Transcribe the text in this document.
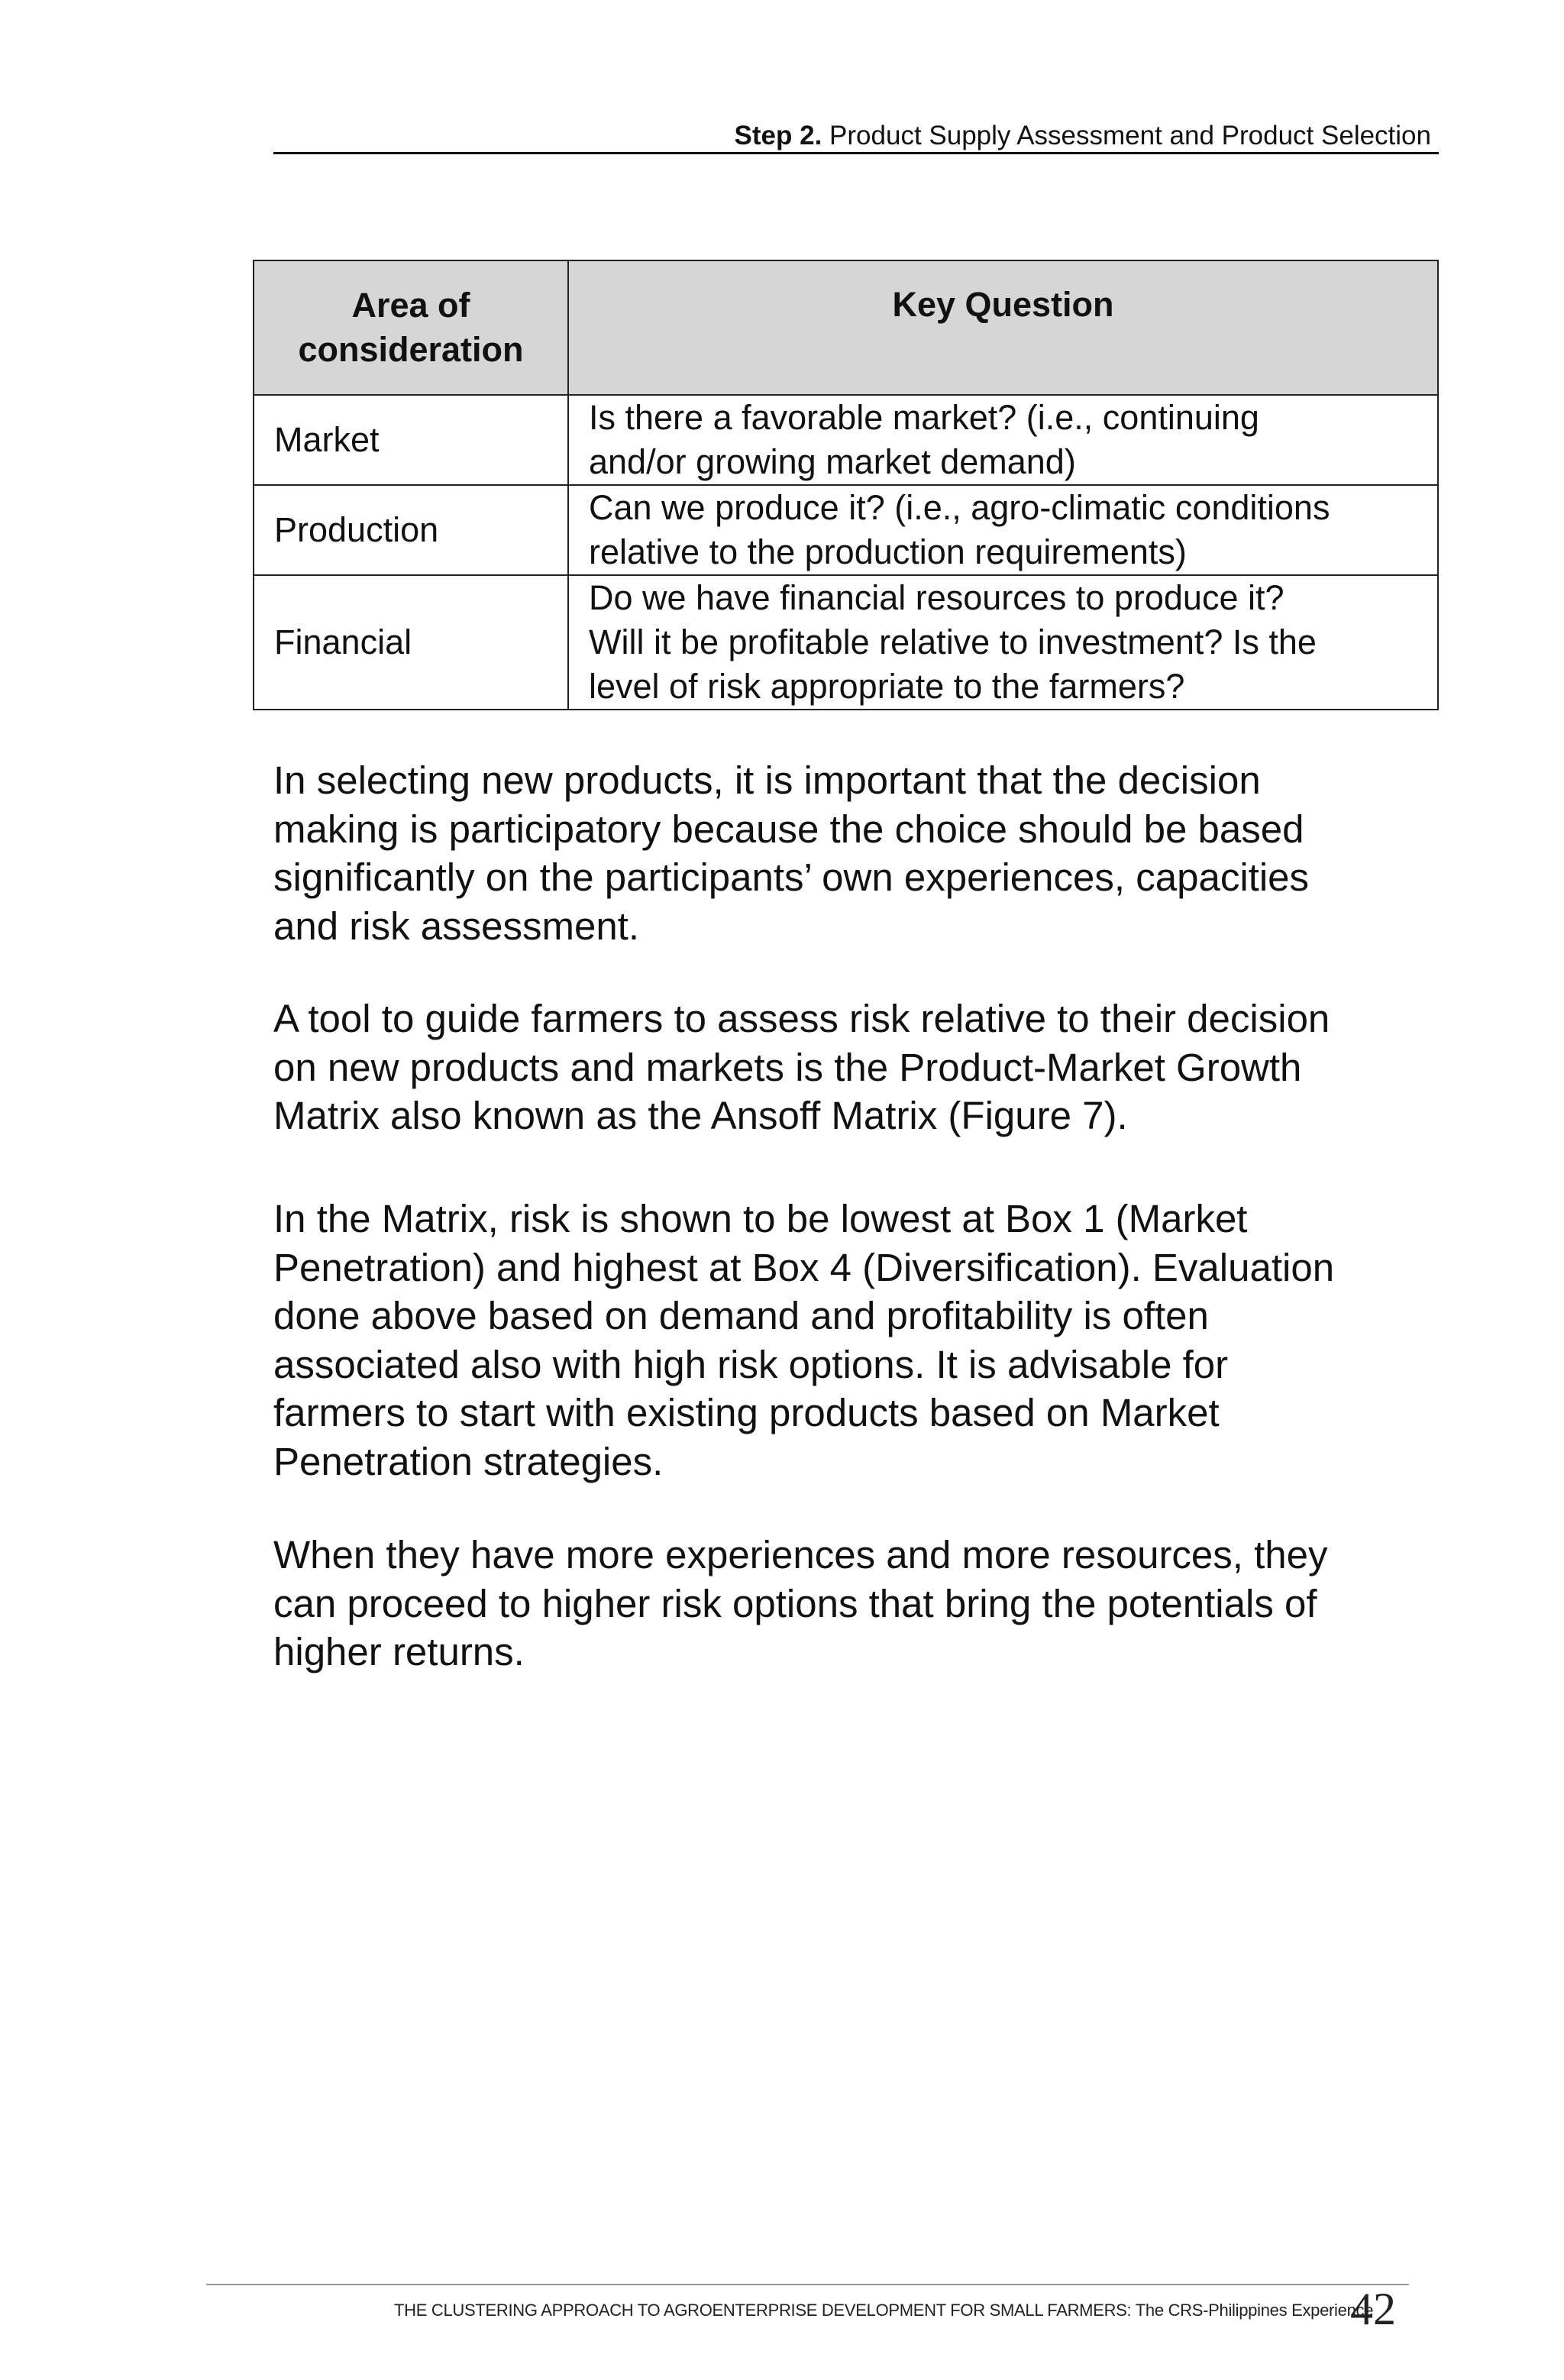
Step 2. Product Supply Assessment and Product Selection
Area of consideration	Key Question
Market	Is there a favorable market? (i.e., continuing
and/or growing market demand)

Production	Can we produce it? (i.e., agro-climatic conditions
relative to the production requirements)

Financial	Do we have financial resources to produce it?
Will it be profitable relative to investment? Is the
level of risk appropriate to the farmers?
In selecting new products, it is important that the decision
making is participatory because the choice should be based
significantly on the participants’ own experiences, capacities
and risk assessment.
A tool to guide farmers to assess risk relative to their decision
on new products and markets is the Product-Market Growth
Matrix also known as the Ansoff Matrix (Figure 7).
In the Matrix, risk is shown to be lowest at Box 1 (Market
Penetration) and highest at Box 4 (Diversification). Evaluation
done above based on demand and profitability is often
associated also with high risk options. It is advisable for
farmers to start with existing products based on Market
Penetration strategies.
When they have more experiences and more resources, they
can proceed to higher risk options that bring the potentials of
higher returns.
THE CLUSTERING APPROACH TO AGROENTERPRISE DEVELOPMENT FOR SMALL FARMERS: The CRS-Philippines Experience
42
